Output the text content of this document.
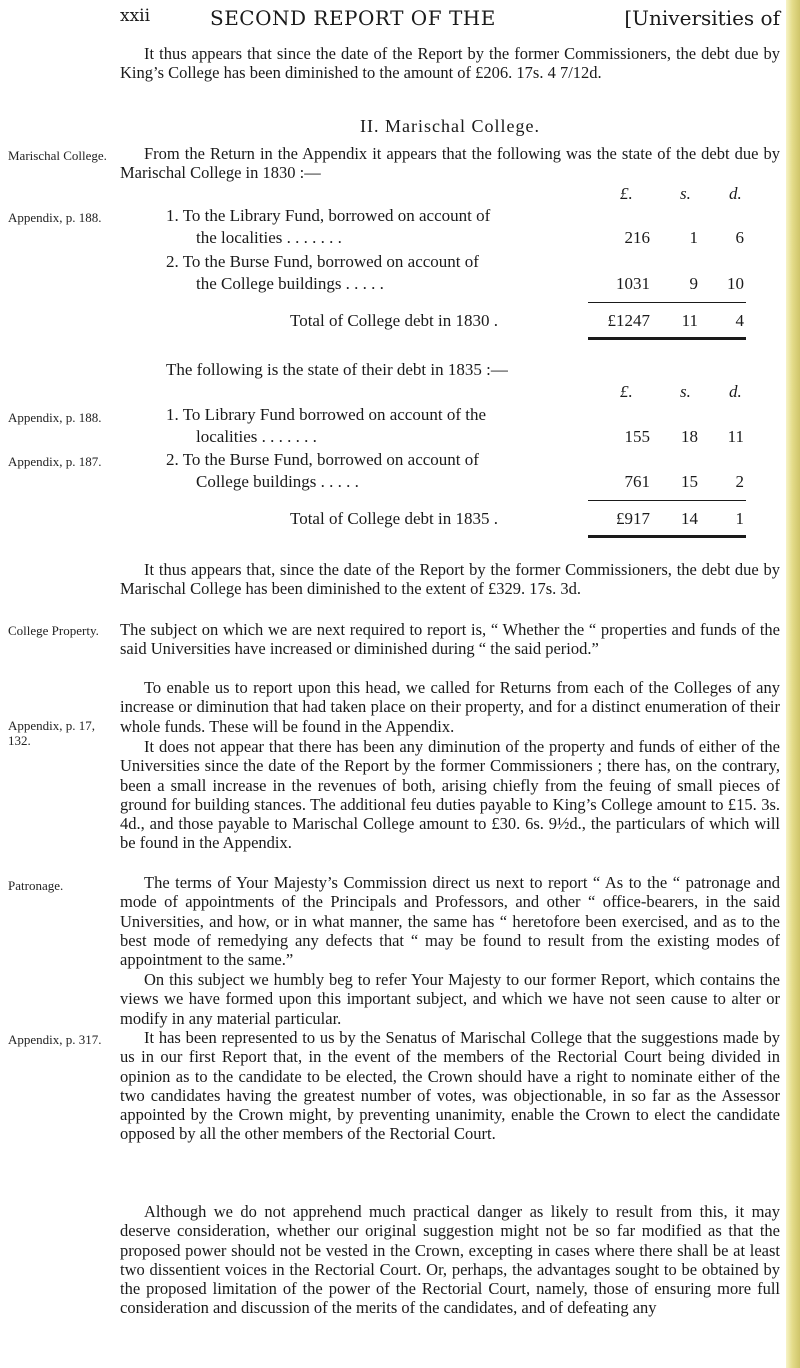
xxii	SECOND REPORT OF THE	[Universities of
It thus appears that since the date of the Report by the former Commissioners, the debt due by King’s College has been diminished to the amount of £206. 17s. 4 7/12d.
II. Marischal College.
Marischal College.	From the Return in the Appendix it appears that the following was the state of the debt due by Marischal College in 1830 :—
£.	s. d.
Appendix, p. 188.	1. To the Library Fund, borrowed on account of
the localities . . . . . . .	216	1	6
2. To the Burse Fund, borrowed on account of
the College buildings . . . . .	1031	9	10
Total of College debt in 1830 .	£1247	11	4
The following is the state of their debt in 1835 :—
£.	s. d.
Appendix, p. 188.	1. To Library Fund borrowed on account of the
localities . . . . . . .	155	18	11
Appendix, p. 187.	2. To the Burse Fund, borrowed on account of
College buildings . . . . .	761	15	2
Total of College debt in 1835 .	£917	14	1
It thus appears that, since the date of the Report by the former Commissioners, the debt due by Marischal College has been diminished to the extent of £329. 17s. 3d.
College Property. The subject on which we are next required to report is, “ Whether the “ properties and funds of the said Universities have increased or diminished during “ the said period.”
Appendix, p. 17, 132.
To enable us to report upon this head, we called for Returns from each of the Colleges of any increase or diminution that had taken place on their property, and for a distinct enumeration of their whole funds. These will be found in the Appendix.
It does not appear that there has been any diminution of the property and funds of either of the Universities since the date of the Report by the former Commissioners ; there has, on the contrary, been a small increase in the revenues of both, arising chiefly from the feuing of small pieces of ground for building stances. The additional feu duties payable to King’s College amount to £15. 3s. 4d., and those payable to Marischal College amount to £30. 6s. 9½d., the particulars of which will be found in the Appendix.
Patronage.	The terms of Your Majesty’s Commission direct us next to report “ As to the “ patronage and mode of appointments of the Principals and Professors, and other “ office-bearers, in the said Universities, and how, or in what manner, the same has “ heretofore been exercised, and as to the best mode of remedying any defects that “ may be found to result from the existing modes of appointment to the same.”
On this subject we humbly beg to refer Your Majesty to our former Report, which contains the views we have formed upon this important subject, and which we have not seen cause to alter or modify in any material particular.
Appendix, p. 317.	It has been represented to us by the Senatus of Marischal College that the suggestions made by us in our first Report that, in the event of the members of the Rectorial Court being divided in opinion as to the candidate to be elected, the Crown should have a right to nominate either of the two candidates having the greatest number of votes, was objectionable, in so far as the Assessor appointed by the Crown might, by preventing unanimity, enable the Crown to elect the candidate opposed by all the other members of the Rectorial Court.
Although we do not apprehend much practical danger as likely to result from this, it may deserve consideration, whether our original suggestion might not be so far modified as that the proposed power should not be vested in the Crown, excepting in cases where there shall be at least two dissentient voices in the Rectorial Court. Or, perhaps, the advantages sought to be obtained by the proposed limitation of the power of the Rectorial Court, namely, those of ensuring more full consideration and discussion of the merits of the candidates, and of defeating any
